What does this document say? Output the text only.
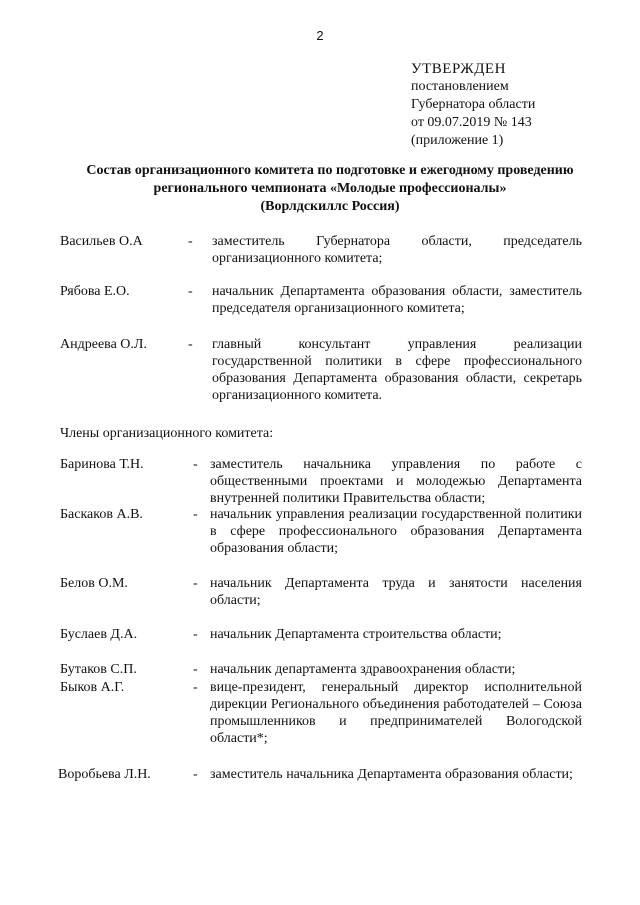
2
УТВЕРЖДЕН
постановлением
Губернатора области
от 09.07.2019 № 143
(приложение 1)
Состав организационного комитета по подготовке и ежегодному проведению
регионального чемпионата «Молодые профессионалы»
(Ворлдскиллс Россия)
Васильев О.А	- заместитель Губернатора области, председатель организационного комитета;
Рябова Е.О.	- начальник Департамента образования области, заместитель председателя организационного комитета;
Андреева О.Л.	- главный консультант управления реализации государственной политики в сфере профессионального образования Департамента образования области, секретарь организационного комитета.
Члены организационного комитета:
Баринова Т.Н.	- заместитель начальника управления по работе с общественными проектами и молодежью Департамента внутренней политики Правительства области;
Баскаков А.В.	- начальник управления реализации государственной политики в сфере профессионального образования Департамента образования области;
Белов О.М.	- начальник Департамента труда и занятости населения области;
Буслаев Д.А.	- начальник Департамента строительства области;
Бутаков С.П.	- начальник департамента здравоохранения области;
Быков А.Г.	- вице-президент, генеральный директор исполнительной дирекции Регионального объединения работодателей – Союза промышленников и предпринимателей Вологодской области*;
Воробьева Л.Н.	- заместитель начальника Департамента образования области;
